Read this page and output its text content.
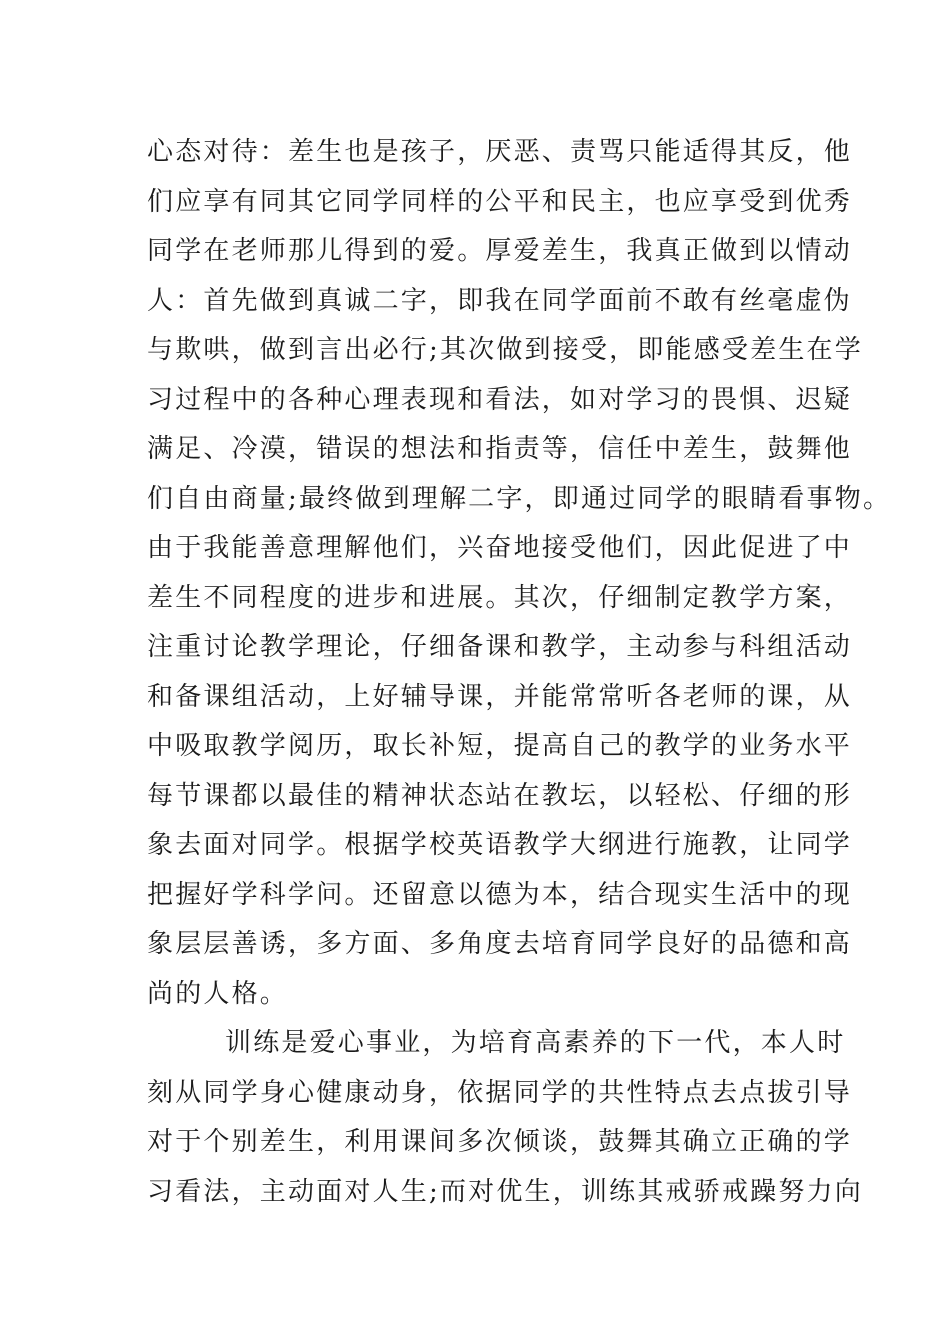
心态对待：差生也是孩子，厌恶、责骂只能适得其反，他
们应享有同其它同学同样的公平和民主，也应享受到优秀
同学在老师那儿得到的爱。厚爱差生，我真正做到以情动
人：首先做到真诚二字，即我在同学面前不敢有丝毫虚伪
与欺哄，做到言出必行;其次做到接受，即能感受差生在学
习过程中的各种心理表现和看法，如对学习的畏惧、迟疑
满足、冷漠，错误的想法和指责等，信任中差生，鼓舞他
们自由商量;最终做到理解二字，即通过同学的眼睛看事物。
由于我能善意理解他们，兴奋地接受他们，因此促进了中
差生不同程度的进步和进展。其次，仔细制定教学方案，
注重讨论教学理论，仔细备课和教学，主动参与科组活动
和备课组活动，上好辅导课，并能常常听各老师的课，从
中吸取教学阅历，取长补短，提高自己的教学的业务水平
每节课都以最佳的精神状态站在教坛，以轻松、仔细的形
象去面对同学。根据学校英语教学大纲进行施教，让同学
把握好学科学问。还留意以德为本，结合现实生活中的现
象层层善诱，多方面、多角度去培育同学良好的品德和高
尚的人格。
训练是爱心事业，为培育高素养的下一代，本人时
刻从同学身心健康动身，依据同学的共性特点去点拔引导
对于个别差生，利用课间多次倾谈，鼓舞其确立正确的学
习看法，主动面对人生;而对优生，训练其戒骄戒躁努力向
